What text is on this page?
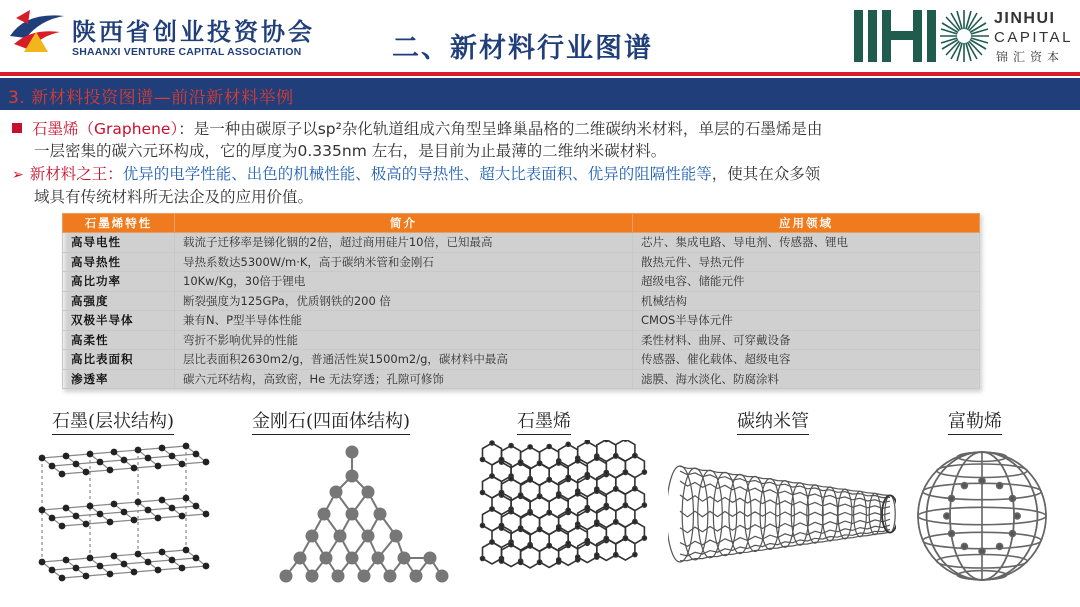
陕西省创业投资协会
SHAANXI VENTURE CAPITAL ASSOCIATION	二、新材料行业图谱
JINHUI
CAPITAL
锦汇资本
3. 新材料投资图谱—前沿新材料举例
石墨烯（Graphene）：是一种由碳原子以sp²杂化轨道组成六角型呈蜂巢晶格的二维碳纳米材料，单层的石墨烯是由
一层密集的碳六元环构成，它的厚度为0.335nm 左右，是目前为止最薄的二维纳米碳材料。
➢ 新材料之王：优异的电学性能、出色的机械性能、极高的导热性、超大比表面积、优异的阻隔性能等，使其在众多领
域具有传统材料所无法企及的应用价值。
石墨烯特性	简介	应用领域
高导电性	载流子迁移率是锑化铟的2倍，超过商用硅片10倍，已知最高	芯片、集成电路、导电剂、传感器、锂电
高导热性	导热系数达5300W/m·K，高于碳纳米管和金刚石	散热元件、导热元件
高比功率	10Kw/Kg，30倍于锂电	超级电容、储能元件
高强度	断裂强度为125GPa，优质钢铁的200 倍	机械结构
双极半导体	兼有N、P型半导体性能	CMOS半导体元件
高柔性	弯折不影响优异的性能	柔性材料、曲屏、可穿戴设备
高比表面积	层比表面积2630m2/g，普通活性炭1500m2/g，碳材料中最高	传感器、催化载体、超级电容
渗透率	碳六元环结构，高致密，He 无法穿透；孔隙可修饰	滤膜、海水淡化、防腐涂料
石墨(层状结构)	金刚石(四面体结构)	石墨烯	碳纳米管	富勒烯
